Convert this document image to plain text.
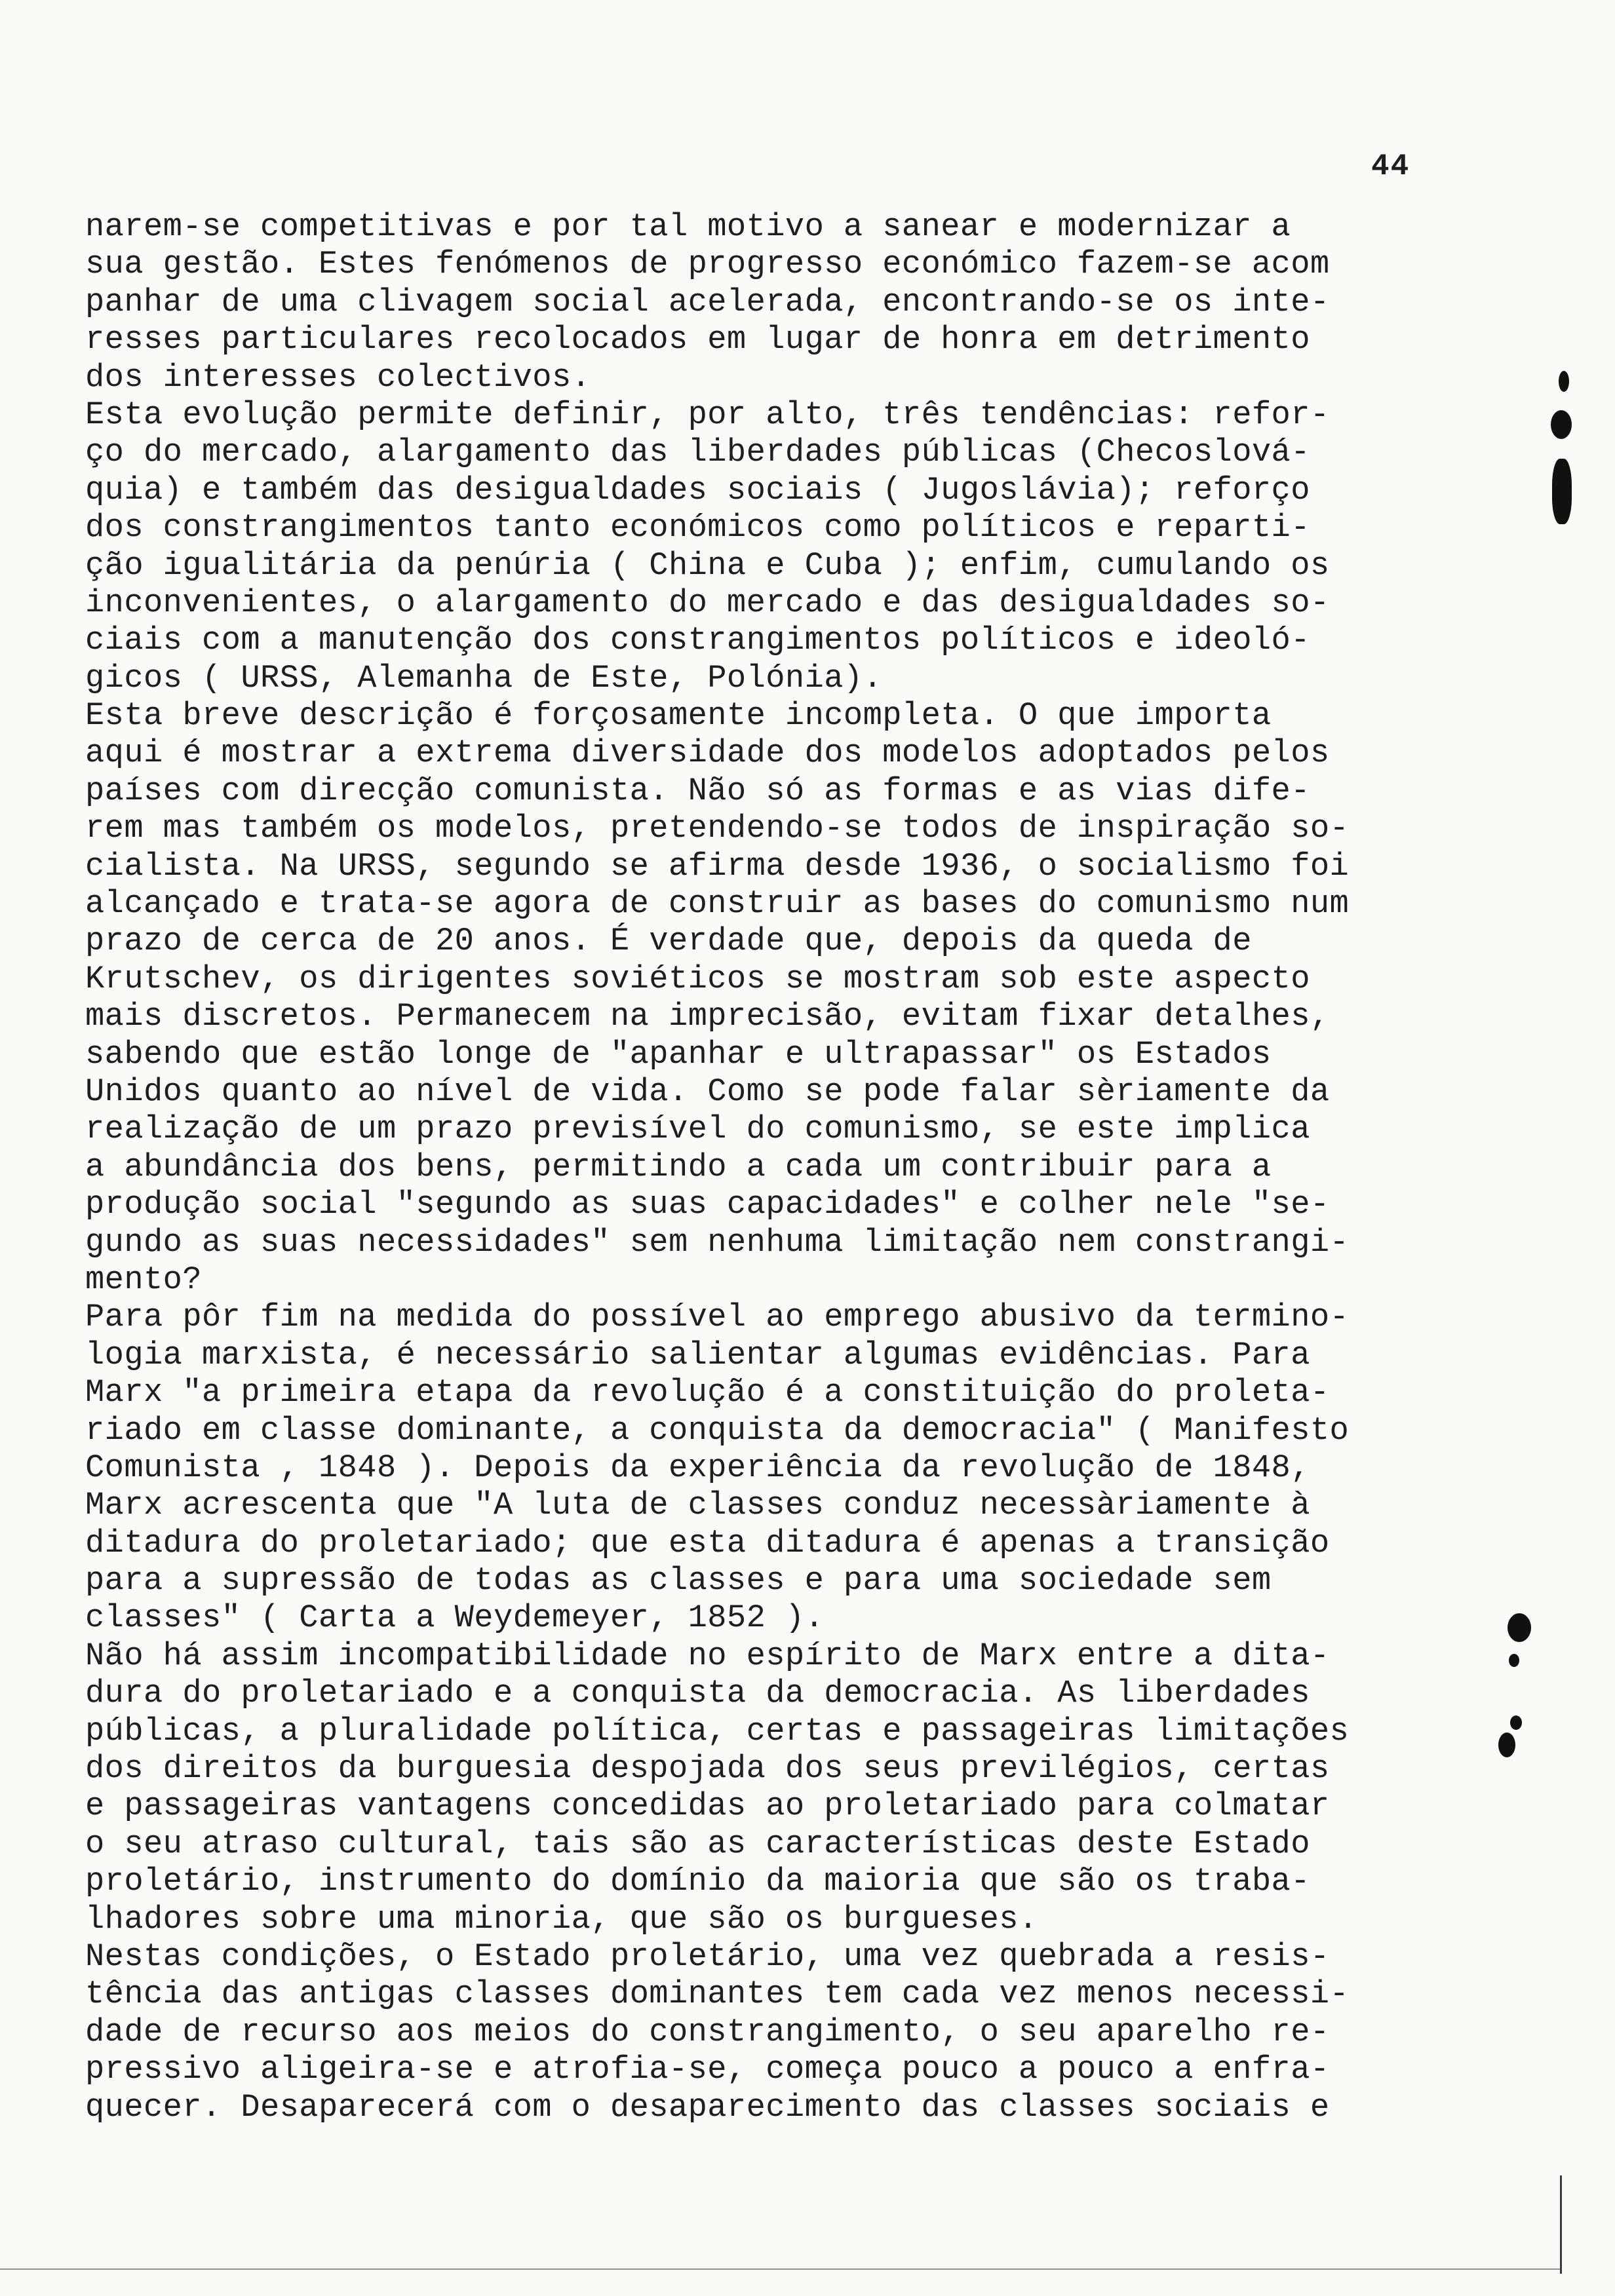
44
narem-se competitivas e por tal motivo a sanear e modernizar a
sua gestão. Estes fenómenos de progresso económico fazem-se acom
panhar de uma clivagem social acelerada, encontrando-se os inte-
resses particulares recolocados em lugar de honra em detrimento
dos interesses colectivos.
Esta evolução permite definir, por alto, três tendências: refor-
ço do mercado, alargamento das liberdades públicas (Checoslová-
quia) e também das desigualdades sociais ( Jugoslávia); reforço
dos constrangimentos tanto económicos como políticos e reparti-
ção igualitária da penúria ( China e Cuba ); enfim, cumulando os
inconvenientes, o alargamento do mercado e das desigualdades so-
ciais com a manutenção dos constrangimentos políticos e ideoló-
gicos ( URSS, Alemanha de Este, Polónia).
Esta breve descrição é forçosamente incompleta. O que importa
aqui é mostrar a extrema diversidade dos modelos adoptados pelos
países com direcção comunista. Não só as formas e as vias dife-
rem mas também os modelos, pretendendo-se todos de inspiração so-
cialista. Na URSS, segundo se afirma desde 1936, o socialismo foi
alcançado e trata-se agora de construir as bases do comunismo num
prazo de cerca de 20 anos. É verdade que, depois da queda de
Krutschev, os dirigentes soviéticos se mostram sob este aspecto
mais discretos. Permanecem na imprecisão, evitam fixar detalhes,
sabendo que estão longe de "apanhar e ultrapassar" os Estados
Unidos quanto ao nível de vida. Como se pode falar sèriamente da
realização de um prazo previsível do comunismo, se este implica
a abundância dos bens, permitindo a cada um contribuir para a
produção social "segundo as suas capacidades" e colher nele "se-
gundo as suas necessidades" sem nenhuma limitação nem constrangi-
mento?
Para pôr fim na medida do possível ao emprego abusivo da termino-
logia marxista, é necessário salientar algumas evidências. Para
Marx "a primeira etapa da revolução é a constituição do proleta-
riado em classe dominante, a conquista da democracia" ( Manifesto
Comunista , 1848 ). Depois da experiência da revolução de 1848,
Marx acrescenta que "A luta de classes conduz necessàriamente à
ditadura do proletariado; que esta ditadura é apenas a transição
para a supressão de todas as classes e para uma sociedade sem
classes" ( Carta a Weydemeyer, 1852 ).
Não há assim incompatibilidade no espírito de Marx entre a dita-
dura do proletariado e a conquista da democracia. As liberdades
públicas, a pluralidade política, certas e passageiras limitações
dos direitos da burguesia despojada dos seus previlégios, certas
e passageiras vantagens concedidas ao proletariado para colmatar
o seu atraso cultural, tais são as características deste Estado
proletário, instrumento do domínio da maioria que são os traba-
lhadores sobre uma minoria, que são os burgueses.
Nestas condições, o Estado proletário, uma vez quebrada a resis-
tência das antigas classes dominantes tem cada vez menos necessi-
dade de recurso aos meios do constrangimento, o seu aparelho re-
pressivo aligeira-se e atrofia-se, começa pouco a pouco a enfra-
quecer. Desaparecerá com o desaparecimento das classes sociais e
